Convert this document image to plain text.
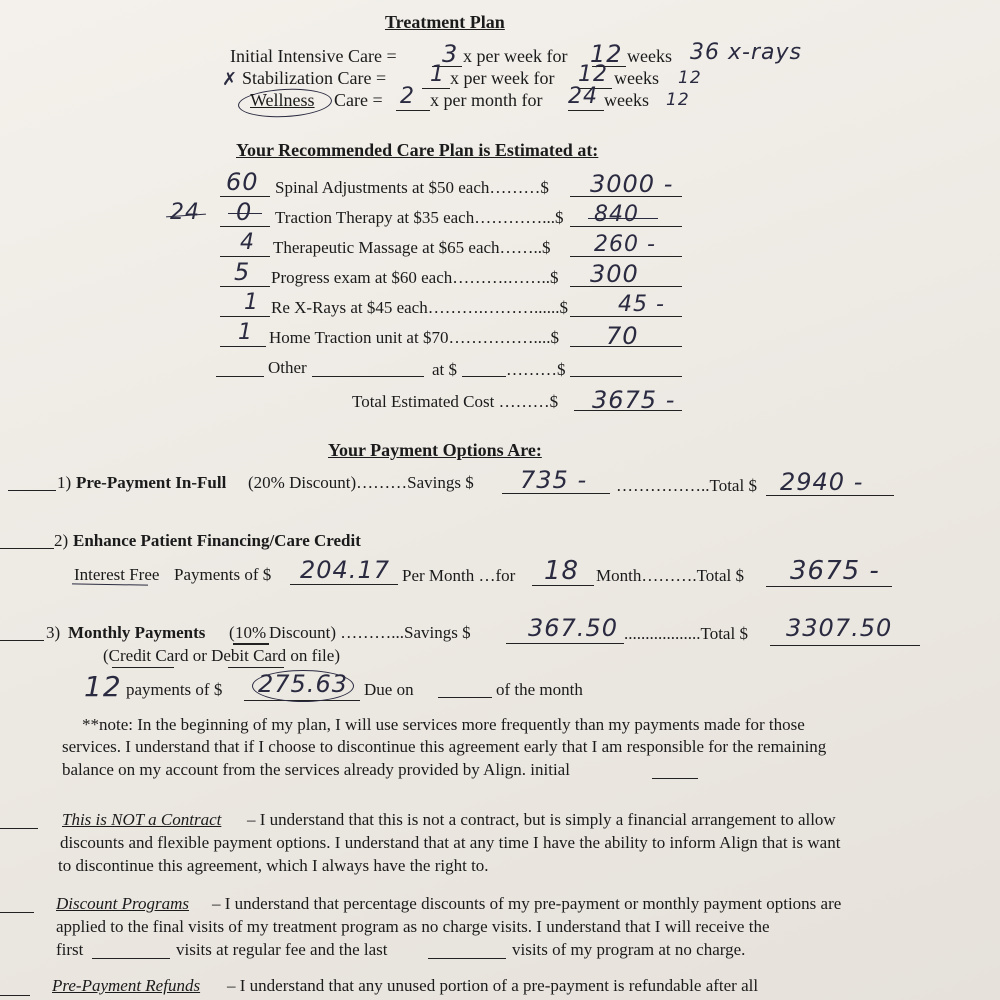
Treatment Plan
Initial Intensive Care = 3 x per week for 12 weeks 36 x-rays
✗ Stabilization Care = 1 x per week for 12 weeks 12
Wellness Care = 2 x per month for 24 weeks 12
Your Recommended Care Plan is Estimated at:
60 Spinal Adjustments at $50 each………$ 3000 -
24 0 Traction Therapy at $35 each…………...$ 840
4 Therapeutic Massage at $65 each……..$ 260 -
5 Progress exam at $60 each……….……..$ 300
1 Re X-Rays at $45 each……….………......$ 45 -
1 Home Traction unit at $70……………....$ 70
Other	at $	………$
Total Estimated Cost ………$ 3675 -
Your Payment Options Are:
1) Pre-Payment In-Full (20% Discount)………Savings $ 735 - ……………..Total $ 2940 -
2) Enhance Patient Financing/Care Credit
Interest Free Payments of $ 204.17 Per Month …for 18 Month……….Total $ 3675 -
3) Monthly Payments ( 10% Discount) ………...Savings $ 367.50 ..................Total $ 3307.50
(Credit Card or Debit Card on file)
12 payments of $ 275.63 Due on	of the month
**note: In the beginning of my plan, I will use services more frequently than my payments made for those
services. I understand that if I choose to discontinue this agreement early that I am responsible for the remaining
balance on my account from the services already provided by Align. initial
This is NOT a Contract – I understand that this is not a contract, but is simply a financial arrangement to allow
discounts and flexible payment options. I understand that at any time I have the ability to inform Align that is want
to discontinue this agreement, which I always have the right to.
Discount Programs – I understand that percentage discounts of my pre-payment or monthly payment options are
applied to the final visits of my treatment program as no charge visits. I understand that I will receive the
first	visits at regular fee and the last	visits of my program at no charge.
Pre-Payment Refunds – I understand that any unused portion of a pre-payment is refundable after all
